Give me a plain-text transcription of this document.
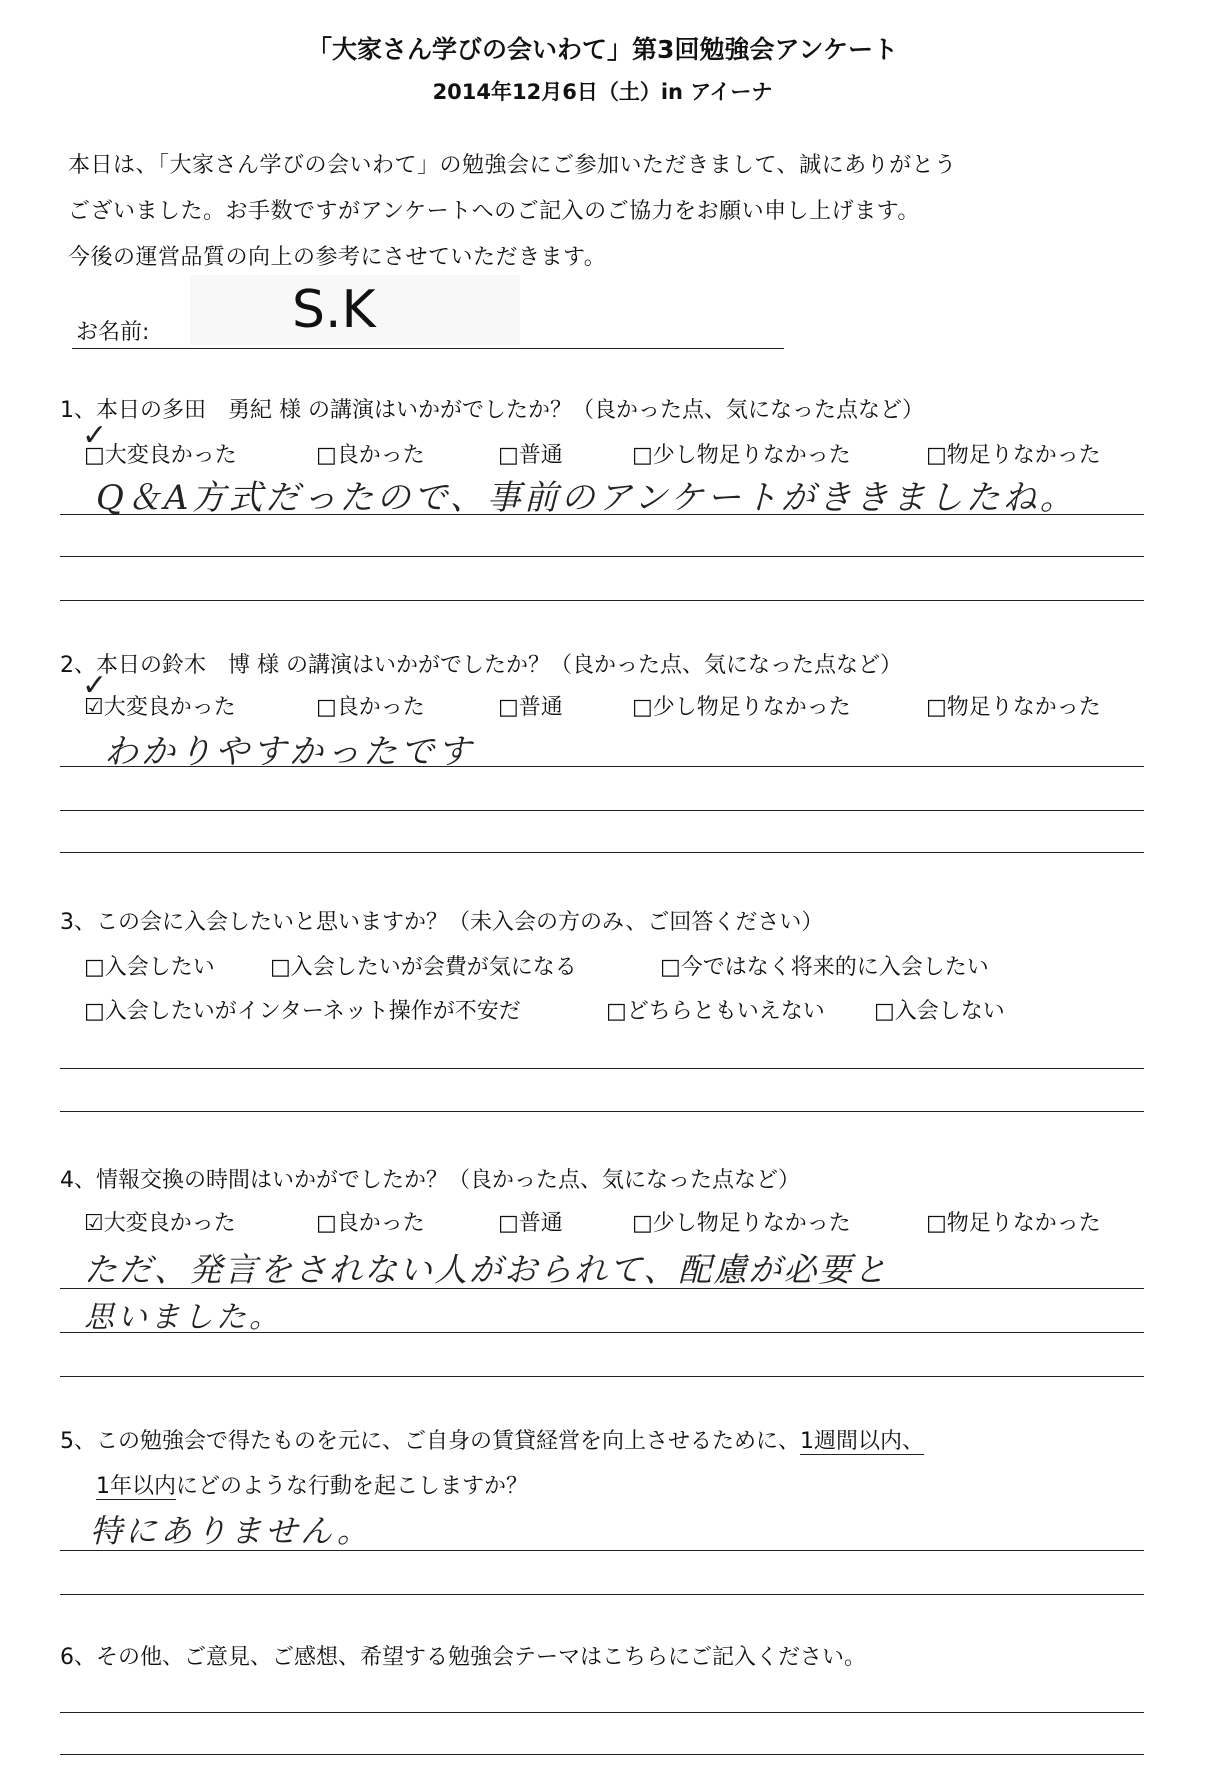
「大家さん学びの会いわて」第3回勉強会アンケート
2014年12月6日（土）in アイーナ
本日は、「大家さん学びの会いわて」の勉強会にご参加いただきまして、誠にありがとう
ございました。お手数ですがアンケートへのご記入のご協力をお願い申し上げます。
今後の運営品質の向上の参考にさせていただきます。
お名前:	S.K
1、本日の多田　勇紀 様 の講演はいかがでしたか？（良かった点、気になった点など）
□大変良かった
✓
□良かった	□普通	□少し物足りなかった	□物足りなかった
Q＆A方式だったので、事前のアンケートがききましたね。
2、本日の鈴木　博 様 の講演はいかがでしたか？（良かった点、気になった点など）
☑大変良かった
✓
□良かった	□普通	□少し物足りなかった	□物足りなかった
わかりやすかったです
3、この会に入会したいと思いますか？（未入会の方のみ、ご回答ください）
□入会したい	□入会したいが会費が気になる	□今ではなく将来的に入会したい
□入会したいがインターネット操作が不安だ	□どちらともいえない □入会しない
4、情報交換の時間はいかがでしたか？（良かった点、気になった点など）
☑大変良かった	□良かった	□普通	□少し物足りなかった	□物足りなかった
ただ、発言をされない人がおられて、配慮が必要と
思いました。
5、この勉強会で得たものを元に、ご自身の賃貸経営を向上させるために、1週間以内、
1年以内にどのような行動を起こしますか？
特にありません。
6、その他、ご意見、ご感想、希望する勉強会テーマはこちらにご記入ください。
